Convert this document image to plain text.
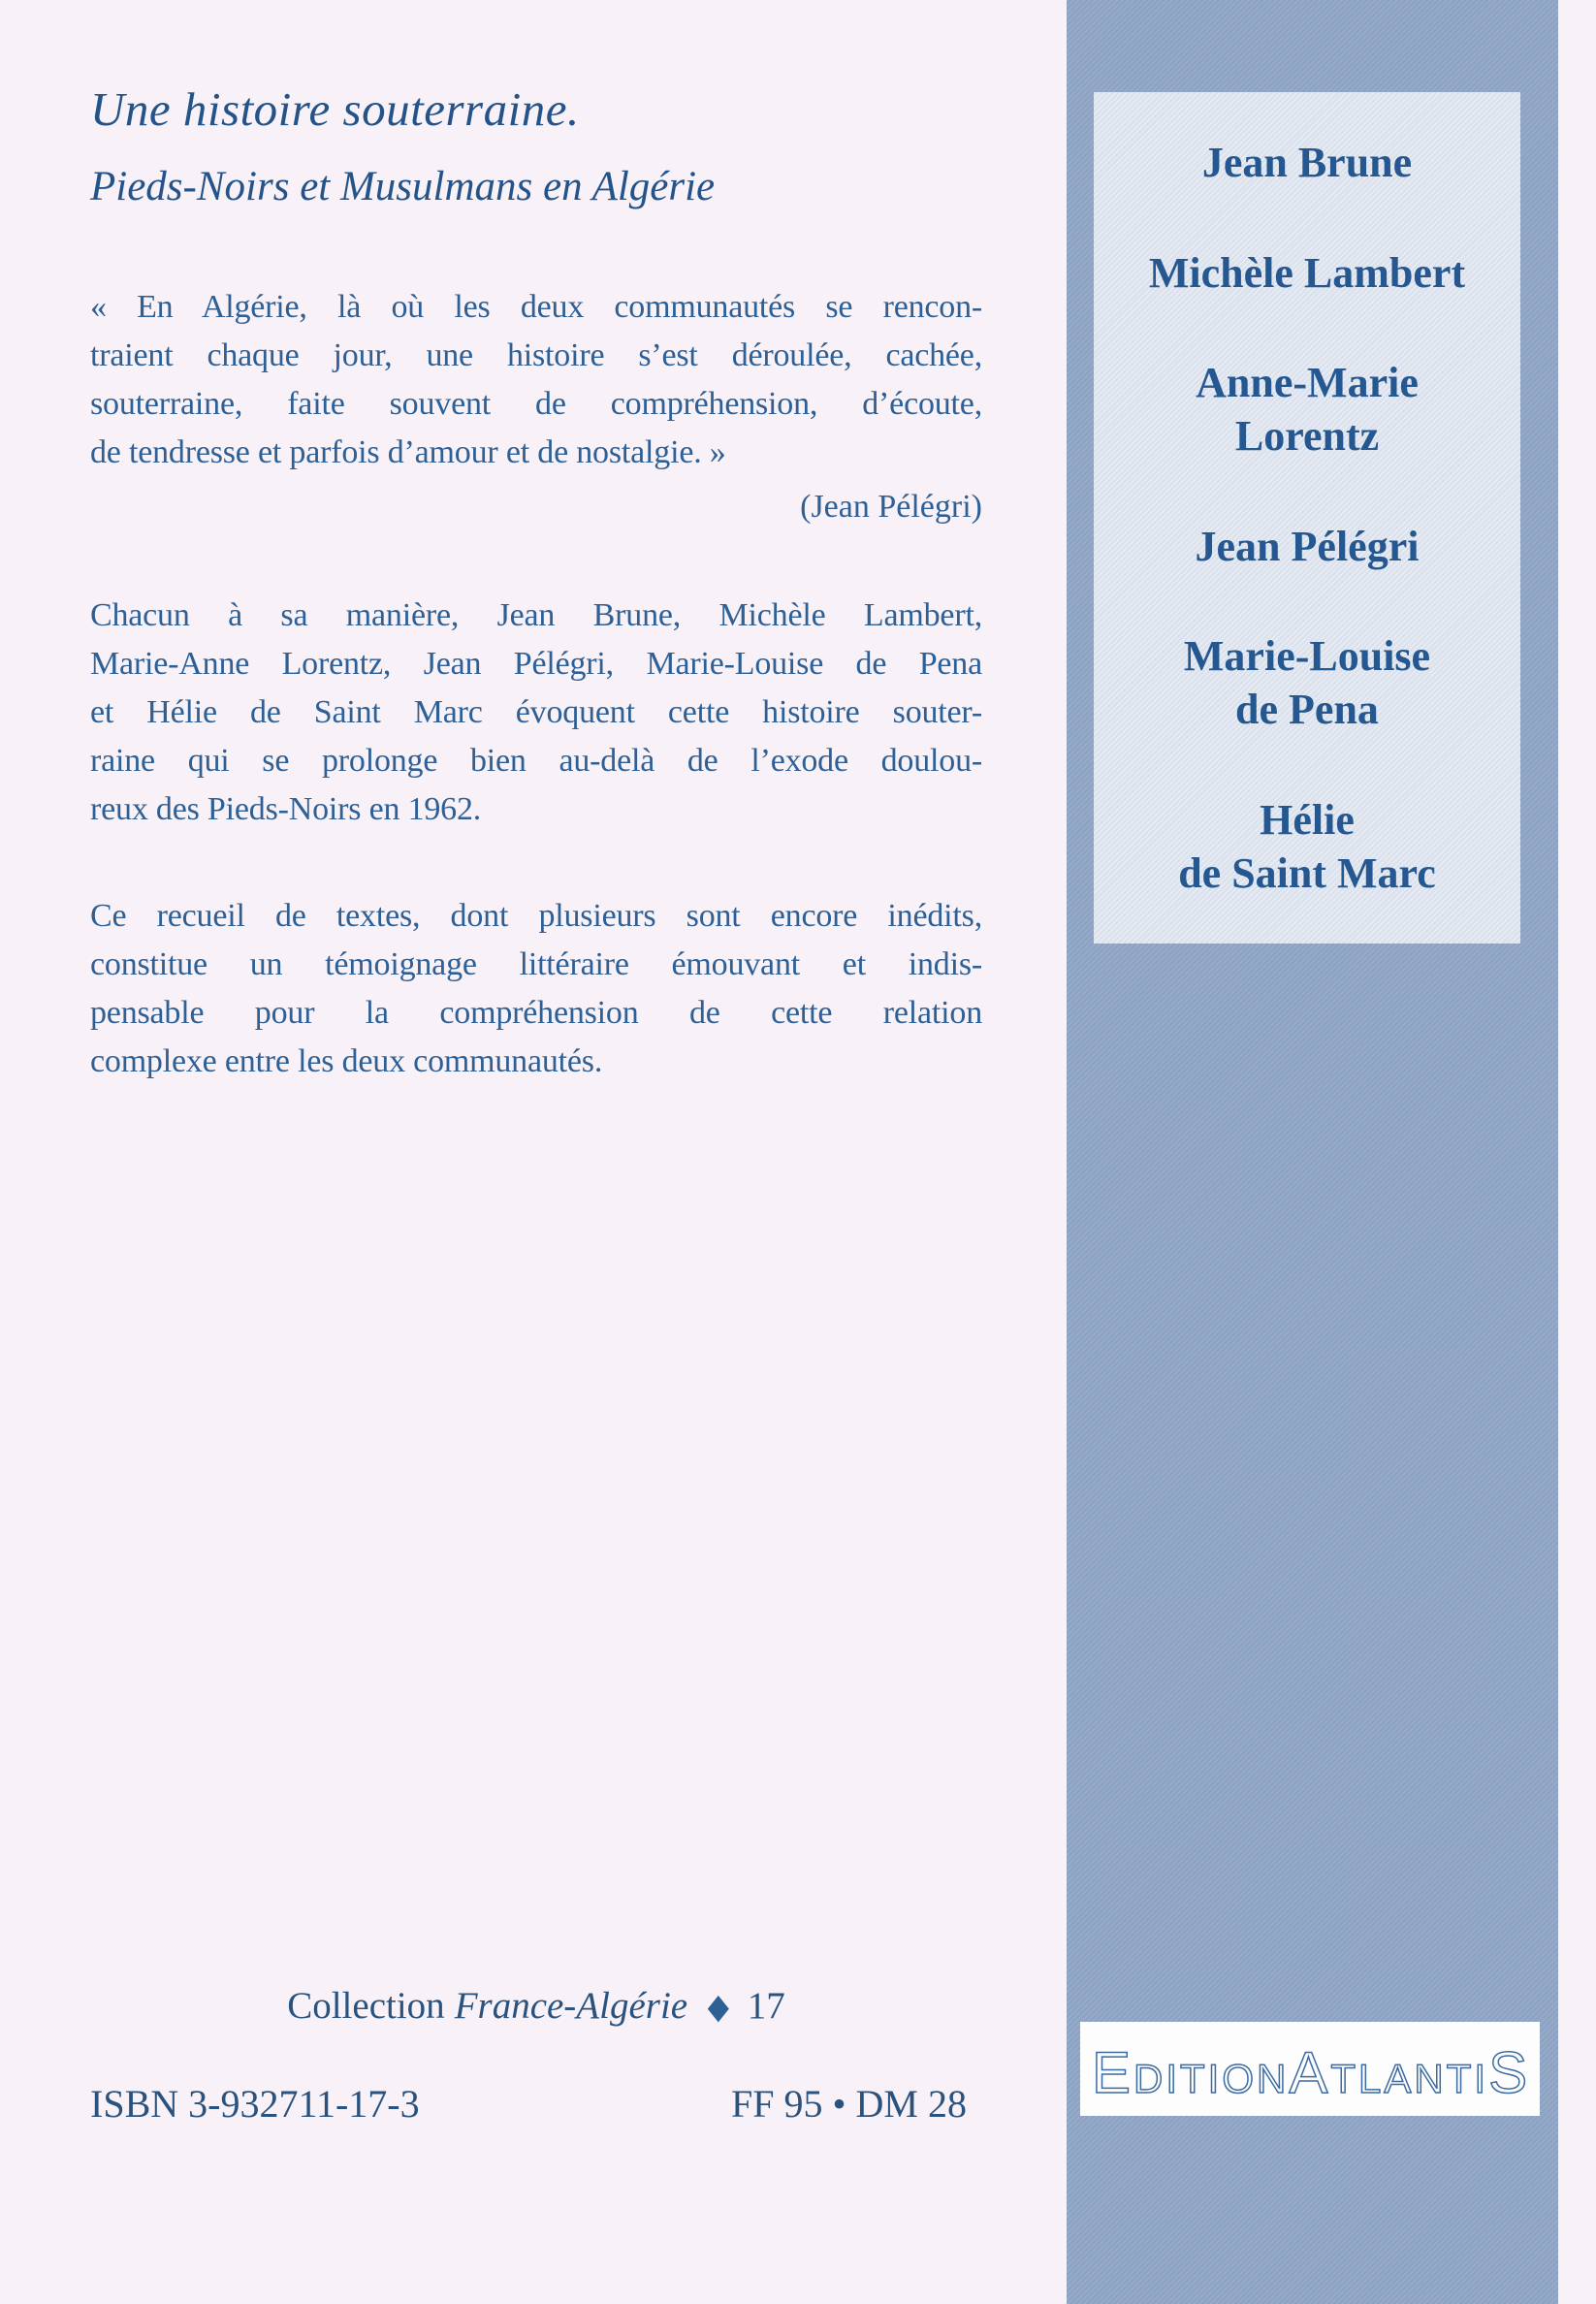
Une histoire souterraine.
Pieds-Noirs et Musulmans en Algérie
« En Algérie, là où les deux communautés se rencon-
traient chaque jour, une histoire s’est déroulée, cachée,
souterraine, faite souvent de compréhension, d’écoute,
de tendresse et parfois d’amour et de nostalgie. »
(Jean Pélégri)
Chacun à sa manière, Jean Brune, Michèle Lambert,
Marie-Anne Lorentz, Jean Pélégri, Marie-Louise de Pena
et Hélie de Saint Marc évoquent cette histoire souter-
raine qui se prolonge bien au-delà de l’exode doulou-
reux des Pieds-Noirs en 1962.
Ce recueil de textes, dont plusieurs sont encore inédits,
constitue un témoignage littéraire émouvant et indis-
pensable pour la compréhension de cette relation
complexe entre les deux communautés.
Collection France-Algérie ◆ 17
ISBN 3-932711-17-3	FF 95 • DM 28
Jean Brune
Michèle Lambert
Anne-Marie
Lorentz
Jean Pélégri
Marie-Louise
de Pena
Hélie
de Saint Marc
EDITIONATLANTIS
